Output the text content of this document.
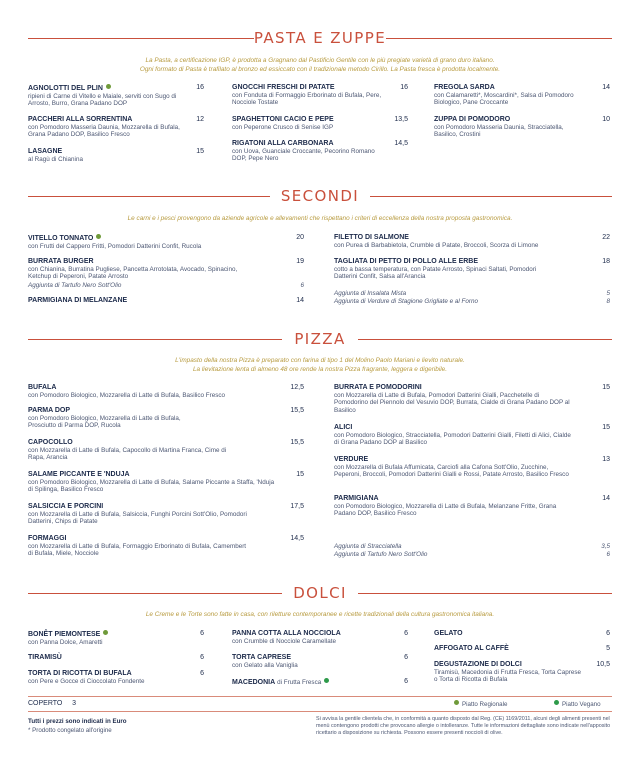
PASTA E ZUPPE
La Pasta, a certificazione IGP, è prodotta a Gragnano dal Pastificio Gentile con le più pregiate varietà di grano duro italiano.
Ogni formato di Pasta è trafilato al bronzo ed essiccato con il tradizionale metodo Cirillo. La Pasta fresca è prodotta localmente.
AGNOLOTTI DEL PLIN	16
ripieni di Carne di Vitello e Maiale, serviti con Sugo di Arrosto, Burro, Grana Padano DOP
PACCHERI ALLA SORRENTINA	12
con Pomodoro Masseria Daunia, Mozzarella di Bufala, Grana Padano DOP, Basilico Fresco
LASAGNE	15
al Ragù di Chianina
GNOCCHI FRESCHI DI PATATE	16
con Fonduta di Formaggio Erborinato di Bufala, Pere, Nocciole Tostate
SPAGHETTONI CACIO E PEPE	13,5
con Peperone Crusco di Senise IGP
RIGATONI ALLA CARBONARA	14,5
con Uova, Guanciale Croccante, Pecorino Romano DOP, Pepe Nero
FREGOLA SARDA	14
con Calamaretti*, Moscardini*, Salsa di Pomodoro Biologico, Pane Croccante
ZUPPA DI POMODORO	10
con Pomodoro Masseria Daunia, Stracciatella, Basilico, Crostini
SECONDI
Le carni e i pesci provengono da aziende agricole e allevamenti che rispettano i criteri di eccellenza della nostra proposta gastronomica.
VITELLO TONNATO	20
con Frutti del Cappero Fritti, Pomodori Datterini Confit, Rucola
BURRATA BURGER	19
con Chianina, Burratina Pugliese, Pancetta Arrotolata, Avocado, Spinacino, Ketchup di Peperoni, Patate Arrosto
Aggiunta di Tartufo Nero Sott'Olio	6
PARMIGIANA DI MELANZANE	14
FILETTO DI SALMONE	22
con Purea di Barbabietola, Crumble di Patate, Broccoli, Scorza di Limone
TAGLIATA DI PETTO DI POLLO ALLE ERBE	18
cotto a bassa temperatura, con Patate Arrosto, Spinaci Saltati, Pomodori Datterini Confit, Salsa all'Arancia
Aggiunta di Insalata Mista	5
Aggiunta di Verdure di Stagione Grigliate e al Forno	8
PIZZA
L'impasto della nostra Pizza è preparato con farina di tipo 1 del Molino Paolo Mariani e lievito naturale.
La lievitazione lenta di almeno 48 ore rende la nostra Pizza fragrante, leggera e digeribile.
BUFALA	12,5
con Pomodoro Biologico, Mozzarella di Latte di Bufala, Basilico Fresco
PARMA DOP	15,5
con Pomodoro Biologico, Mozzarella di Latte di Bufala, Prosciutto di Parma DOP, Rucola
CAPOCOLLO	15,5
con Mozzarella di Latte di Bufala, Capocollo di Martina Franca, Cime di Rapa, Arancia
SALAME PICCANTE E 'NDUJA	15
con Pomodoro Biologico, Mozzarella di Latte di Bufala, Salame Piccante a Staffa, 'Nduja di Spilinga, Basilico Fresco
SALSICCIA E PORCINI	17,5
con Mozzarella di Latte di Bufala, Salsiccia, Funghi Porcini Sott'Olio, Pomodori Datterini, Chips di Patate
FORMAGGI	14,5
con Mozzarella di Latte di Bufala, Formaggio Erborinato di Bufala, Camembert di Bufala, Miele, Nocciole
BURRATA E POMODORINI	15
con Mozzarella di Latte di Bufala, Pomodori Datterini Gialli, Pacchetelle di Pomodorino del Piennolo del Vesuvio DOP, Burrata, Cialde di Grana Padano DOP al Basilico
ALICI	15
con Pomodoro Biologico, Stracciatella, Pomodori Datterini Gialli, Filetti di Alici, Cialde di Grana Padano DOP al Basilico
VERDURE	13
con Mozzarella di Bufala Affumicata, Carciofi alla Cafona Sott'Olio, Zucchine, Peperoni, Broccoli, Pomodori Datterini Gialli e Rossi, Patate Arrosto, Basilico Fresco
PARMIGIANA	14
con Pomodoro Biologico, Mozzarella di Latte di Bufala, Melanzane Fritte, Grana Padano DOP, Basilico Fresco
Aggiunta di Stracciatella	3,5
Aggiunta di Tartufo Nero Sott'Olio	6
DOLCI
Le Creme e le Torte sono fatte in casa, con riletture contemporanee e ricette tradizionali della cultura gastronomica italiana.
BONÊT PIEMONTESE	6
con Panna Dolce, Amaretti
TIRAMISÙ	6
TORTA DI RICOTTA DI BUFALA	6
con Pere e Gocce di Cioccolato Fondente
PANNA COTTA ALLA NOCCIOLA	6
con Crumble di Nocciole Caramellate
TORTA CAPRESE	6
con Gelato alla Vaniglia
MACEDONIA di Frutta Fresca	6
GELATO	6
AFFOGATO AL CAFFÈ	5
DEGUSTAZIONE DI DOLCI	10,5
Tiramisù, Macedonia di Frutta Fresca, Torta Caprese o Torta di Ricotta di Bufala
COPERTO 3	Piatto Regionale	Piatto Vegano
Tutti i prezzi sono indicati in Euro
* Prodotto congelato all'origine
Si avvisa la gentile clientela che, in conformità a quanto disposto dal Reg. (CE) 1169/2011, alcuni degli alimenti presenti nel menù contengono prodotti che provocano allergie o intolleranze. Tutte le informazioni dettagliate sono indicate nell'apposito ricettario a disposizione su richiesta. Possono essere presenti noccioli di olive.
